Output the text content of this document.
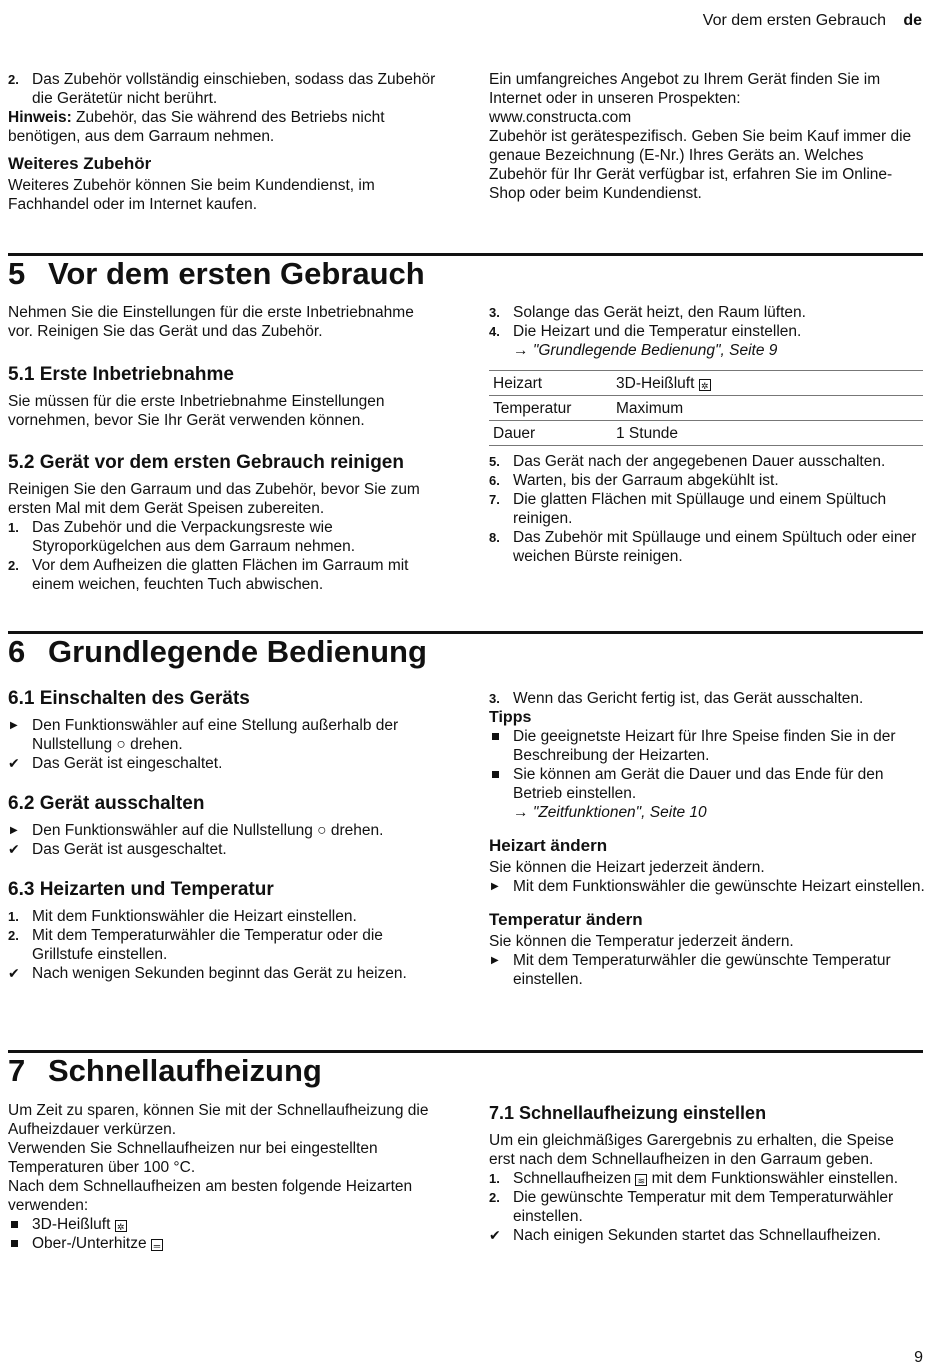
Vor dem ersten Gebrauch de
2. Das Zubehör vollständig einschieben, sodass das Zubehör die Gerätetür nicht berührt.

Hinweis: Zubehör, das Sie während des Betriebs nicht benötigen, aus dem Garraum nehmen.

Weiteres Zubehör

Weiteres Zubehör können Sie beim Kundendienst, im Fachhandel oder im Internet kaufen.

Ein umfangreiches Angebot zu Ihrem Gerät finden Sie im Internet oder in unseren Prospekten:

www.constructa.com

Zubehör ist gerätespezifisch. Geben Sie beim Kauf immer die genaue Bezeichnung (E-Nr.) Ihres Geräts an. Welches Zubehör für Ihr Gerät verfügbar ist, erfahren Sie im Online-Shop oder beim Kundendienst.

5 Vor dem ersten Gebrauch

Nehmen Sie die Einstellungen für die erste Inbetriebnahme vor. Reinigen Sie das Gerät und das Zubehör.

5.1 Erste Inbetriebnahme

Sie müssen für die erste Inbetriebnahme Einstellungen vornehmen, bevor Sie Ihr Gerät verwenden können.

5.2 Gerät vor dem ersten Gebrauch reinigen

Reinigen Sie den Garraum und das Zubehör, bevor Sie zum ersten Mal mit dem Gerät Speisen zubereiten.

1. Das Zubehör und die Verpackungsreste wie Styroporkügelchen aus dem Garraum nehmen.
2. Vor dem Aufheizen die glatten Flächen im Garraum mit einem weichen, feuchten Tuch abwischen.
3. Solange das Gerät heizt, den Raum lüften.
4. Die Heizart und die Temperatur einstellen.
→ "Grundlegende Bedienung", Seite 9
Heizart	3D-Heißluft ✲
Temperatur	Maximum
Dauer	1 Stunde
5. Das Gerät nach der angegebenen Dauer ausschalten.
6. Warten, bis der Garraum abgekühlt ist.
7. Die glatten Flächen mit Spüllauge und einem Spültuch reinigen.
8. Das Zubehör mit Spüllauge und einem Spültuch oder einer weichen Bürste reinigen.
6 Grundlegende Bedienung
6.1 Einschalten des Geräts
▶ Den Funktionswähler auf eine Stellung außerhalb der Nullstellung ○ drehen.
✔ Das Gerät ist eingeschaltet.
6.2 Gerät ausschalten
▶ Den Funktionswähler auf die Nullstellung ○ drehen.
✔ Das Gerät ist ausgeschaltet.
6.3 Heizarten und Temperatur
1. Mit dem Funktionswähler die Heizart einstellen.
2. Mit dem Temperaturwähler die Temperatur oder die Grillstufe einstellen.
✔ Nach wenigen Sekunden beginnt das Gerät zu heizen.
3. Wenn das Gericht fertig ist, das Gerät ausschalten.
Tipps
Die geeignetste Heizart für Ihre Speise finden Sie in der Beschreibung der Heizarten.
Sie können am Gerät die Dauer und das Ende für den Betrieb einstellen.
→ "Zeitfunktionen", Seite 10
Heizart ändern

Sie können die Heizart jederzeit ändern.

▶ Mit dem Funktionswähler die gewünschte Heizart einstellen.
Temperatur ändern

Sie können die Temperatur jederzeit ändern.

▶ Mit dem Temperaturwähler die gewünschte Temperatur einstellen.
7 Schnellaufheizung

Um Zeit zu sparen, können Sie mit der Schnellaufheizung die Aufheizdauer verkürzen.

Verwenden Sie Schnellaufheizen nur bei eingestellten Temperaturen über 100 °C.

Nach dem Schnellaufheizen am besten folgende Heizarten verwenden:

3D-Heißluft ✲
Ober-/Unterhitze ═
7.1 Schnellaufheizung einstellen

Um ein gleichmäßiges Garergebnis zu erhalten, die Speise erst nach dem Schnellaufheizen in den Garraum geben.

1. Schnellaufheizen ≋ mit dem Funktionswähler einstellen.
2. Die gewünschte Temperatur mit dem Temperaturwähler einstellen.
✔ Nach einigen Sekunden startet das Schnellaufheizen.
9
